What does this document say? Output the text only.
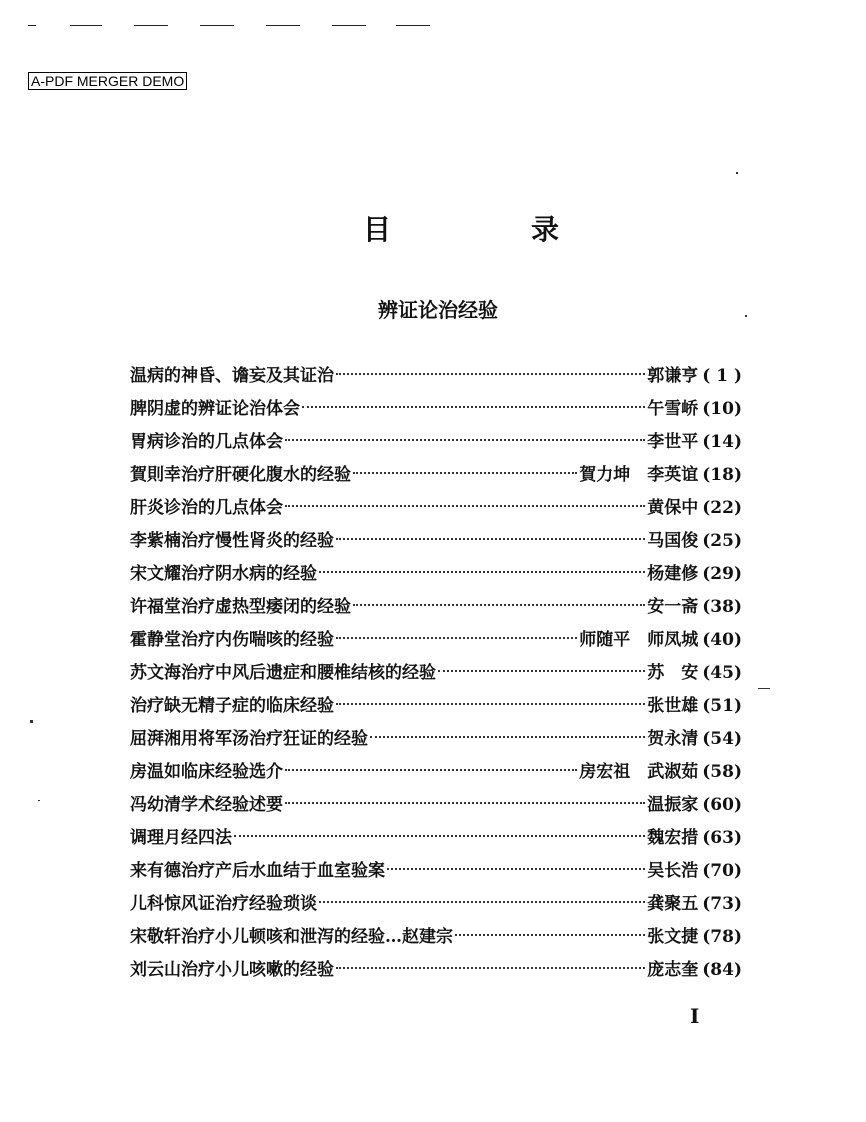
A-PDF MERGER DEMO
目　录
辨证论治经验
温病的神昏、谵妄及其证治	郭谦亨 ( 1 )
脾阴虚的辨证论治体会	午雪峤 (10)
胃病诊治的几点体会	李世平 (14)
賀則幸治疗肝硬化腹水的经验	賀力坤　李英谊 (18)
肝炎诊治的几点体会	黄保中 (22)
李紫楠治疗慢性肾炎的经验	马国俊 (25)
宋文耀治疗阴水病的经验	杨建修 (29)
许福堂治疗虚热型痿闭的经验	安一斋 (38)
霍静堂治疗内伤喘咳的经验	师随平　师凤城 (40)
苏文海治疗中风后遗症和腰椎结核的经验	苏　安 (45)
治疗缺无精子症的临床经验	张世雄 (51)
屈湃湘用将军汤治疗狂证的经验	贺永清 (54)
房温如临床经验选介	房宏祖　武淑茹 (58)
冯幼清学术经验述要	温振家 (60)
调理月经四法	魏宏措 (63)
来有德治疗产后水血结于血室验案	吴长浩 (70)
儿科惊风证治疗经验琐谈	龚聚五 (73)
宋敬轩治疗小儿顿咳和泄泻的经验…赵建宗	张文捷 (78)
刘云山治疗小儿咳嗽的经验	庞志奎 (84)
I
